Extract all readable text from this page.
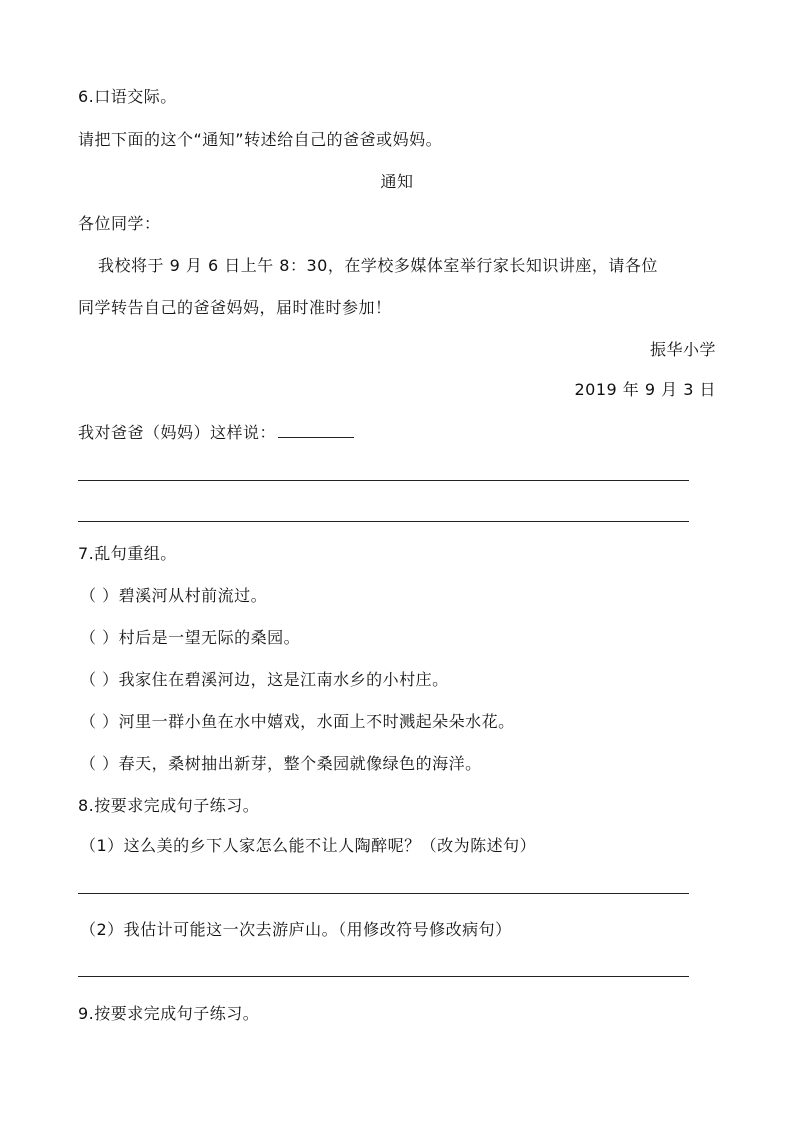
6.口语交际。
请把下面的这个“通知”转述给自己的爸爸或妈妈。
通知
各位同学：
我校将于 9 月 6 日上午 8：30，在学校多媒体室举行家长知识讲座，请各位
同学转告自己的爸爸妈妈，届时准时参加！
振华小学
2019 年 9 月 3 日
我对爸爸（妈妈）这样说：
7.乱句重组。
（ ）碧溪河从村前流过。
（ ）村后是一望无际的桑园。
（ ）我家住在碧溪河边，这是江南水乡的小村庄。
（ ）河里一群小鱼在水中嬉戏，水面上不时溅起朵朵水花。
（ ）春天，桑树抽出新芽，整个桑园就像绿色的海洋。
8.按要求完成句子练习。
（1）这么美的乡下人家怎么能不让人陶醉呢？（改为陈述句）
（2）我估计可能这一次去游庐山。（用修改符号修改病句）
9.按要求完成句子练习。
